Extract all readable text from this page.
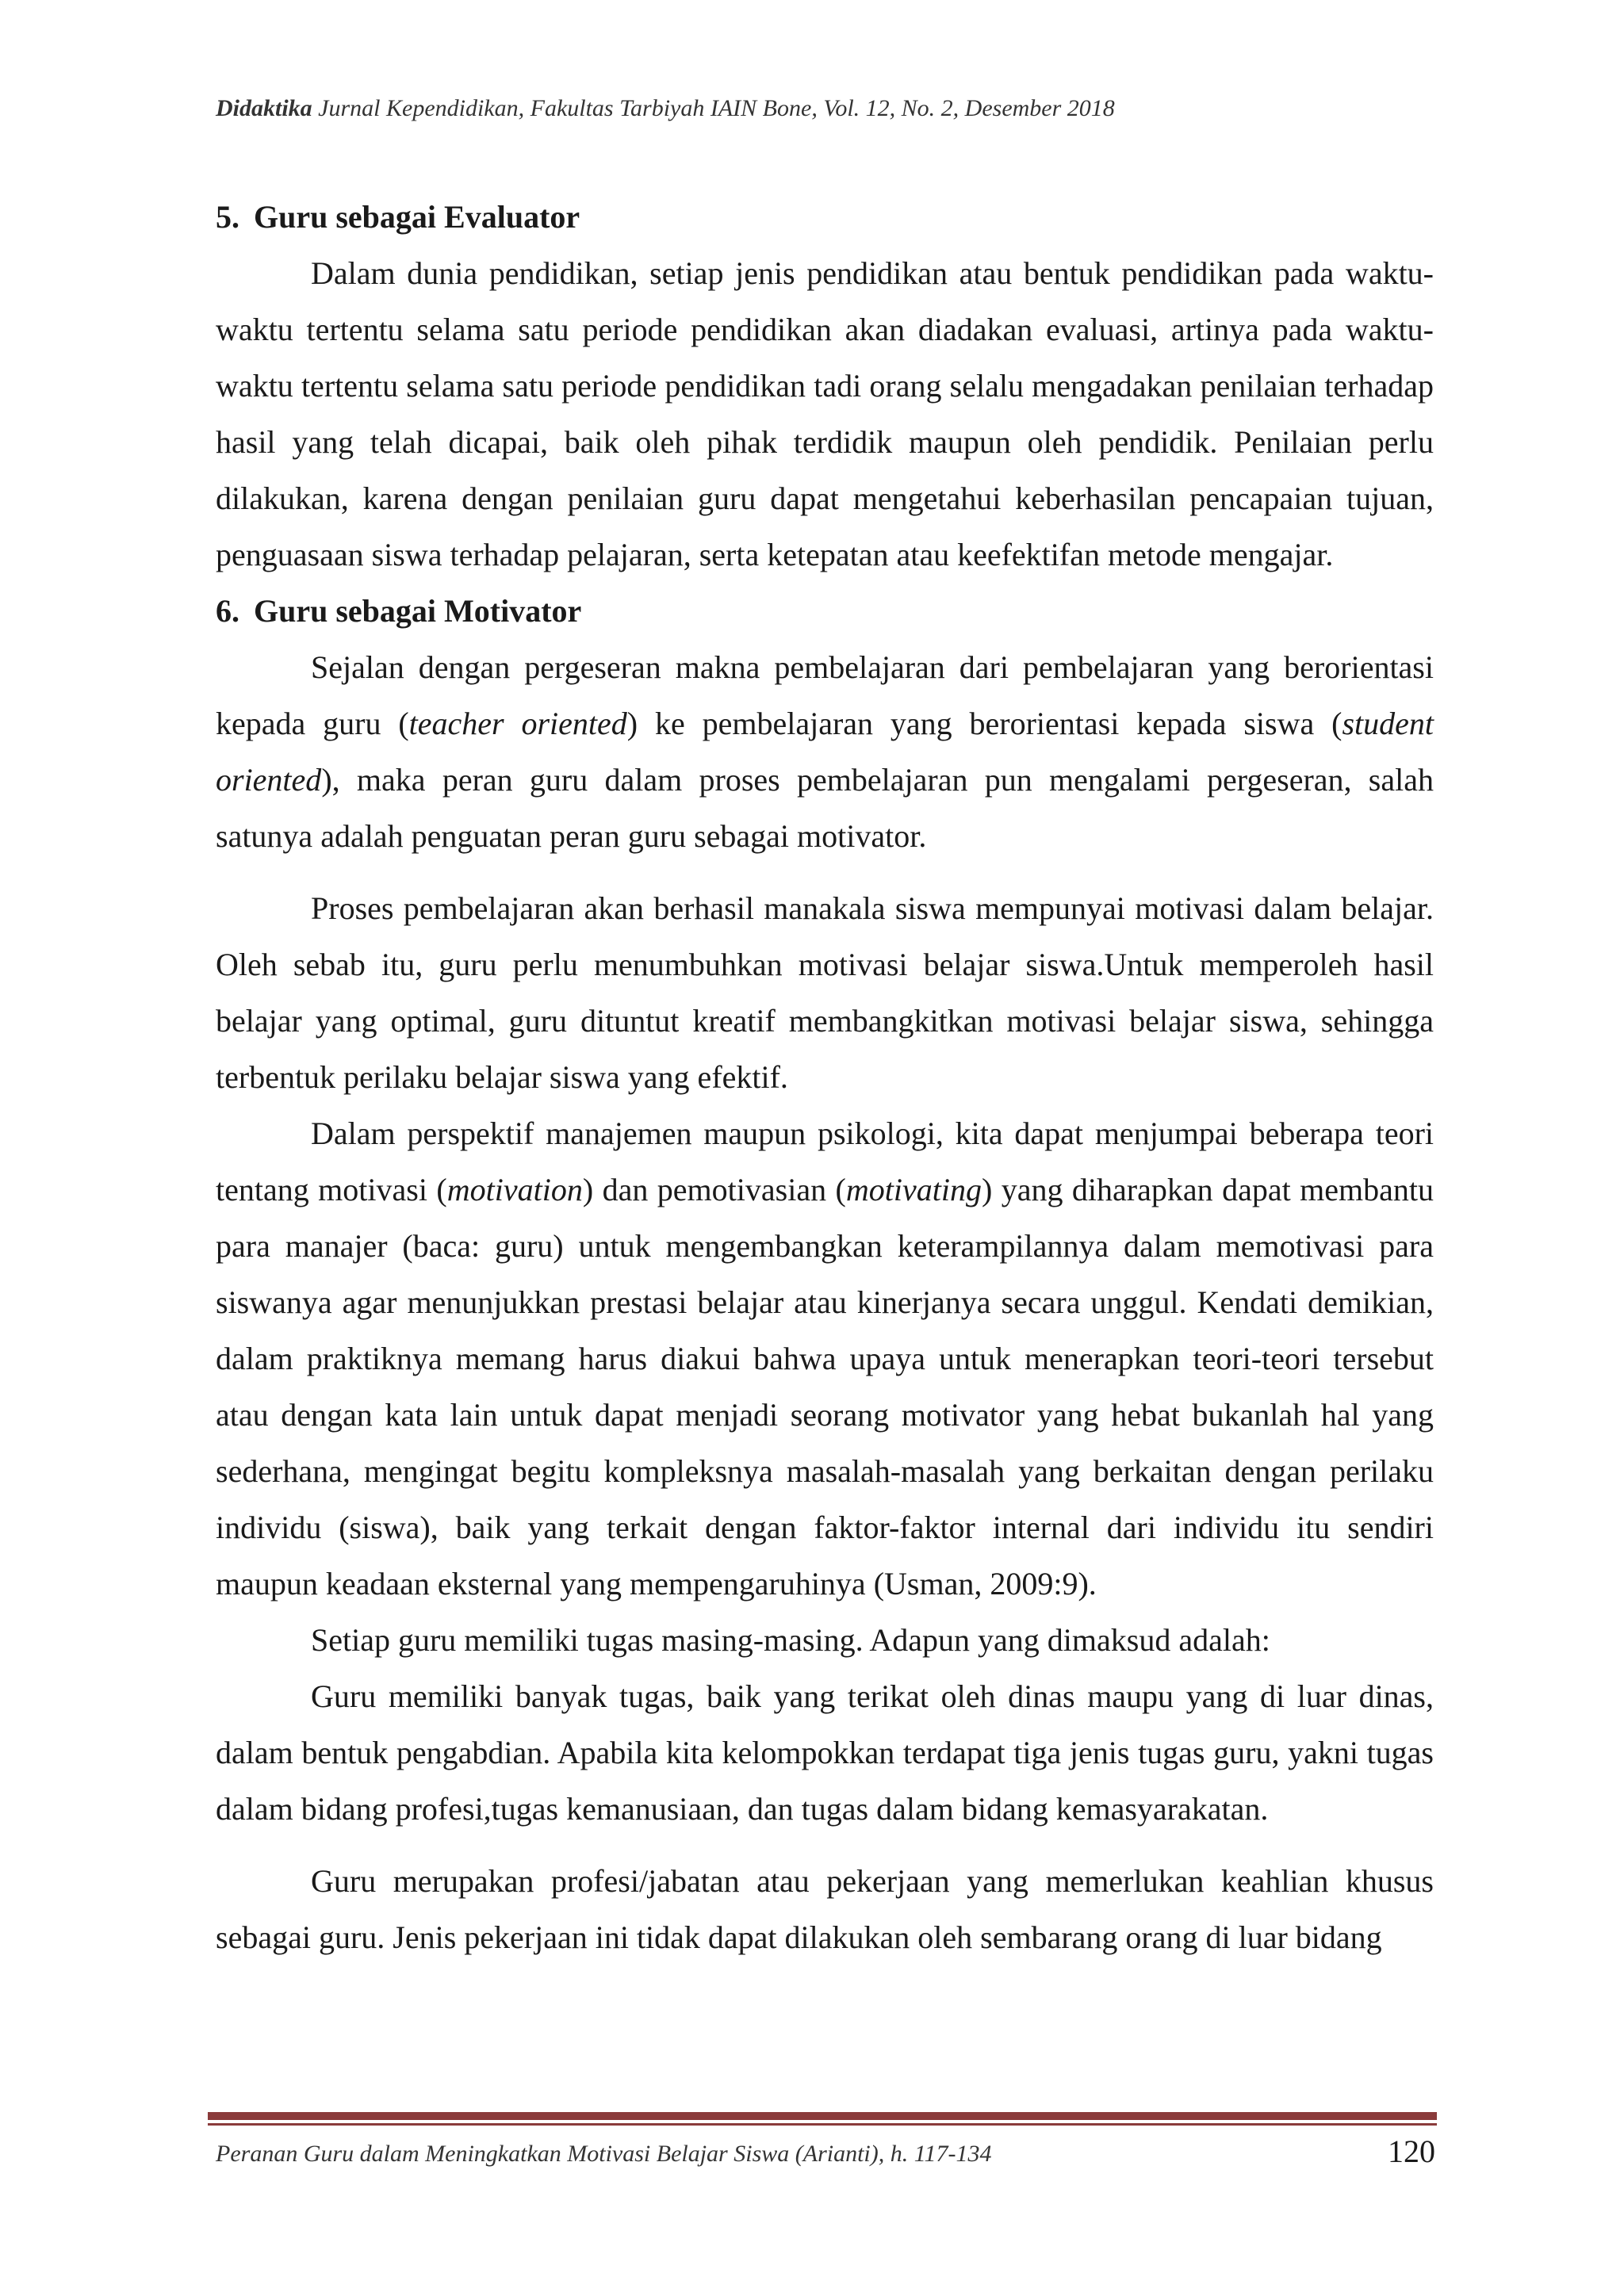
Didaktika Jurnal Kependidikan, Fakultas Tarbiyah IAIN Bone, Vol. 12, No. 2, Desember 2018
5. Guru sebagai Evaluator

Dalam dunia pendidikan, setiap jenis pendidikan atau bentuk pendidikan pada waktu-waktu tertentu selama satu periode pendidikan akan diadakan evaluasi, artinya pada waktu-waktu tertentu selama satu periode pendidikan tadi orang selalu mengadakan penilaian terhadap hasil yang telah dicapai, baik oleh pihak terdidik maupun oleh pendidik. Penilaian perlu dilakukan, karena dengan penilaian guru dapat mengetahui keberhasilan pencapaian tujuan, penguasaan siswa terhadap pelajaran, serta ketepatan atau keefektifan metode mengajar.

6. Guru sebagai Motivator

Sejalan dengan pergeseran makna pembelajaran dari pembelajaran yang berorientasi kepada guru (teacher oriented) ke pembelajaran yang berorientasi kepada siswa (student oriented), maka peran guru dalam proses pembelajaran pun mengalami pergeseran, salah satunya adalah penguatan peran guru sebagai motivator.

Proses pembelajaran akan berhasil manakala siswa mempunyai motivasi dalam belajar. Oleh sebab itu, guru perlu menumbuhkan motivasi belajar siswa.Untuk memperoleh hasil belajar yang optimal, guru dituntut kreatif membangkitkan motivasi belajar siswa, sehingga terbentuk perilaku belajar siswa yang efektif.

Dalam perspektif manajemen maupun psikologi, kita dapat menjumpai beberapa teori tentang motivasi (motivation) dan pemotivasian (motivating) yang diharapkan dapat membantu para manajer (baca: guru) untuk mengembangkan keterampilannya dalam memotivasi para siswanya agar menunjukkan prestasi belajar atau kinerjanya secara unggul. Kendati demikian, dalam praktiknya memang harus diakui bahwa upaya untuk menerapkan teori-teori tersebut atau dengan kata lain untuk dapat menjadi seorang motivator yang hebat bukanlah hal yang sederhana, mengingat begitu kompleksnya masalah-masalah yang berkaitan dengan perilaku individu (siswa), baik yang terkait dengan faktor-faktor internal dari individu itu sendiri maupun keadaan eksternal yang mempengaruhinya (Usman, 2009:9).

Setiap guru memiliki tugas masing-masing. Adapun yang dimaksud adalah:

Guru memiliki banyak tugas, baik yang terikat oleh dinas maupu yang di luar dinas, dalam bentuk pengabdian. Apabila kita kelompokkan terdapat tiga jenis tugas guru, yakni tugas dalam bidang profesi,tugas kemanusiaan, dan tugas dalam bidang kemasyarakatan.

Guru merupakan profesi/jabatan atau pekerjaan yang memerlukan keahlian khusus sebagai guru. Jenis pekerjaan ini tidak dapat dilakukan oleh sembarang orang di luar bidang

Peranan Guru dalam Meningkatkan Motivasi Belajar Siswa (Arianti), h. 117-134	120
